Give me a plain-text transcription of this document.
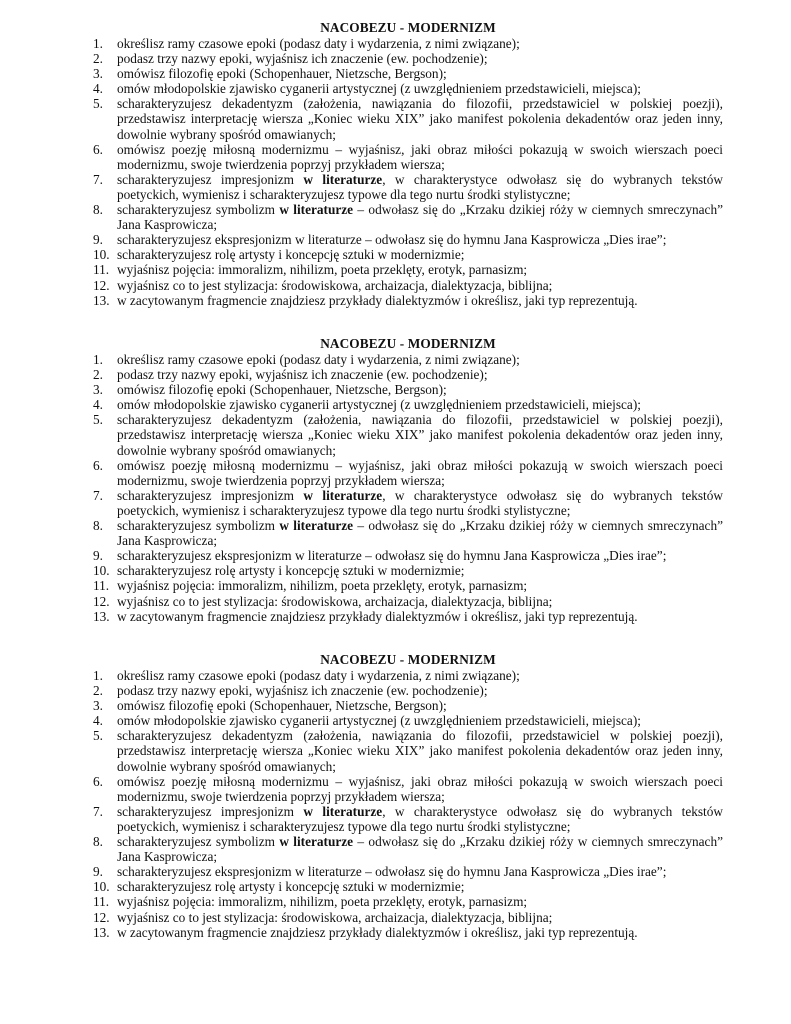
NACOBEZU - MODERNIZM
1.	określisz ramy czasowe epoki (podasz daty i wydarzenia, z nimi związane);
2.	podasz trzy nazwy epoki, wyjaśnisz ich znaczenie (ew. pochodzenie);
3.	omówisz filozofię epoki (Schopenhauer, Nietzsche, Bergson);
4.	omów młodopolskie zjawisko cyganerii artystycznej (z uwzględnieniem przedstawicieli, miejsca);
5.	scharakteryzujesz dekadentyzm (założenia, nawiązania do filozofii, przedstawiciel w polskiej poezji), przedstawisz interpretację wiersza „Koniec wieku XIX” jako manifest pokolenia dekadentów oraz jeden inny, dowolnie wybrany spośród omawianych;
6.	omówisz poezję miłosną modernizmu – wyjaśnisz, jaki obraz miłości pokazują w swoich wierszach poeci modernizmu, swoje twierdzenia poprzyj przykładem wiersza;
7.	scharakteryzujesz impresjonizm w literaturze, w charakterystyce odwołasz się do wybranych tekstów poetyckich, wymienisz i scharakteryzujesz typowe dla tego nurtu środki stylistyczne;
8.	scharakteryzujesz symbolizm w literaturze – odwołasz się do „Krzaku dzikiej róży w ciemnych smreczynach” Jana Kasprowicza;
9.	scharakteryzujesz ekspresjonizm w literaturze – odwołasz się do hymnu Jana Kasprowicza „Dies irae”;
10. scharakteryzujesz rolę artysty i koncepcję sztuki w modernizmie;
11. wyjaśnisz pojęcia: immoralizm, nihilizm, poeta przeklęty, erotyk, parnasizm;
12. wyjaśnisz co to jest stylizacja: środowiskowa, archaizacja, dialektyzacja, biblijna;
13. w zacytowanym fragmencie znajdziesz przykłady dialektyzmów i określisz, jaki typ reprezentują.
NACOBEZU - MODERNIZM
1.	określisz ramy czasowe epoki (podasz daty i wydarzenia, z nimi związane);
2.	podasz trzy nazwy epoki, wyjaśnisz ich znaczenie (ew. pochodzenie);
3.	omówisz filozofię epoki (Schopenhauer, Nietzsche, Bergson);
4.	omów młodopolskie zjawisko cyganerii artystycznej (z uwzględnieniem przedstawicieli, miejsca);
5.	scharakteryzujesz dekadentyzm (założenia, nawiązania do filozofii, przedstawiciel w polskiej poezji), przedstawisz interpretację wiersza „Koniec wieku XIX” jako manifest pokolenia dekadentów oraz jeden inny, dowolnie wybrany spośród omawianych;
6.	omówisz poezję miłosną modernizmu – wyjaśnisz, jaki obraz miłości pokazują w swoich wierszach poeci modernizmu, swoje twierdzenia poprzyj przykładem wiersza;
7.	scharakteryzujesz impresjonizm w literaturze, w charakterystyce odwołasz się do wybranych tekstów poetyckich, wymienisz i scharakteryzujesz typowe dla tego nurtu środki stylistyczne;
8.	scharakteryzujesz symbolizm w literaturze – odwołasz się do „Krzaku dzikiej róży w ciemnych smreczynach” Jana Kasprowicza;
9.	scharakteryzujesz ekspresjonizm w literaturze – odwołasz się do hymnu Jana Kasprowicza „Dies irae”;
10. scharakteryzujesz rolę artysty i koncepcję sztuki w modernizmie;
11. wyjaśnisz pojęcia: immoralizm, nihilizm, poeta przeklęty, erotyk, parnasizm;
12. wyjaśnisz co to jest stylizacja: środowiskowa, archaizacja, dialektyzacja, biblijna;
13. w zacytowanym fragmencie znajdziesz przykłady dialektyzmów i określisz, jaki typ reprezentują.
NACOBEZU - MODERNIZM
1.	określisz ramy czasowe epoki (podasz daty i wydarzenia, z nimi związane);
2.	podasz trzy nazwy epoki, wyjaśnisz ich znaczenie (ew. pochodzenie);
3.	omówisz filozofię epoki (Schopenhauer, Nietzsche, Bergson);
4.	omów młodopolskie zjawisko cyganerii artystycznej (z uwzględnieniem przedstawicieli, miejsca);
5.	scharakteryzujesz dekadentyzm (założenia, nawiązania do filozofii, przedstawiciel w polskiej poezji), przedstawisz interpretację wiersza „Koniec wieku XIX” jako manifest pokolenia dekadentów oraz jeden inny, dowolnie wybrany spośród omawianych;
6.	omówisz poezję miłosną modernizmu – wyjaśnisz, jaki obraz miłości pokazują w swoich wierszach poeci modernizmu, swoje twierdzenia poprzyj przykładem wiersza;
7.	scharakteryzujesz impresjonizm w literaturze, w charakterystyce odwołasz się do wybranych tekstów poetyckich, wymienisz i scharakteryzujesz typowe dla tego nurtu środki stylistyczne;
8.	scharakteryzujesz symbolizm w literaturze – odwołasz się do „Krzaku dzikiej róży w ciemnych smreczynach” Jana Kasprowicza;
9.	scharakteryzujesz ekspresjonizm w literaturze – odwołasz się do hymnu Jana Kasprowicza „Dies irae”;
10. scharakteryzujesz rolę artysty i koncepcję sztuki w modernizmie;
11. wyjaśnisz pojęcia: immoralizm, nihilizm, poeta przeklęty, erotyk, parnasizm;
12. wyjaśnisz co to jest stylizacja: środowiskowa, archaizacja, dialektyzacja, biblijna;
13. w zacytowanym fragmencie znajdziesz przykłady dialektyzmów i określisz, jaki typ reprezentują.
